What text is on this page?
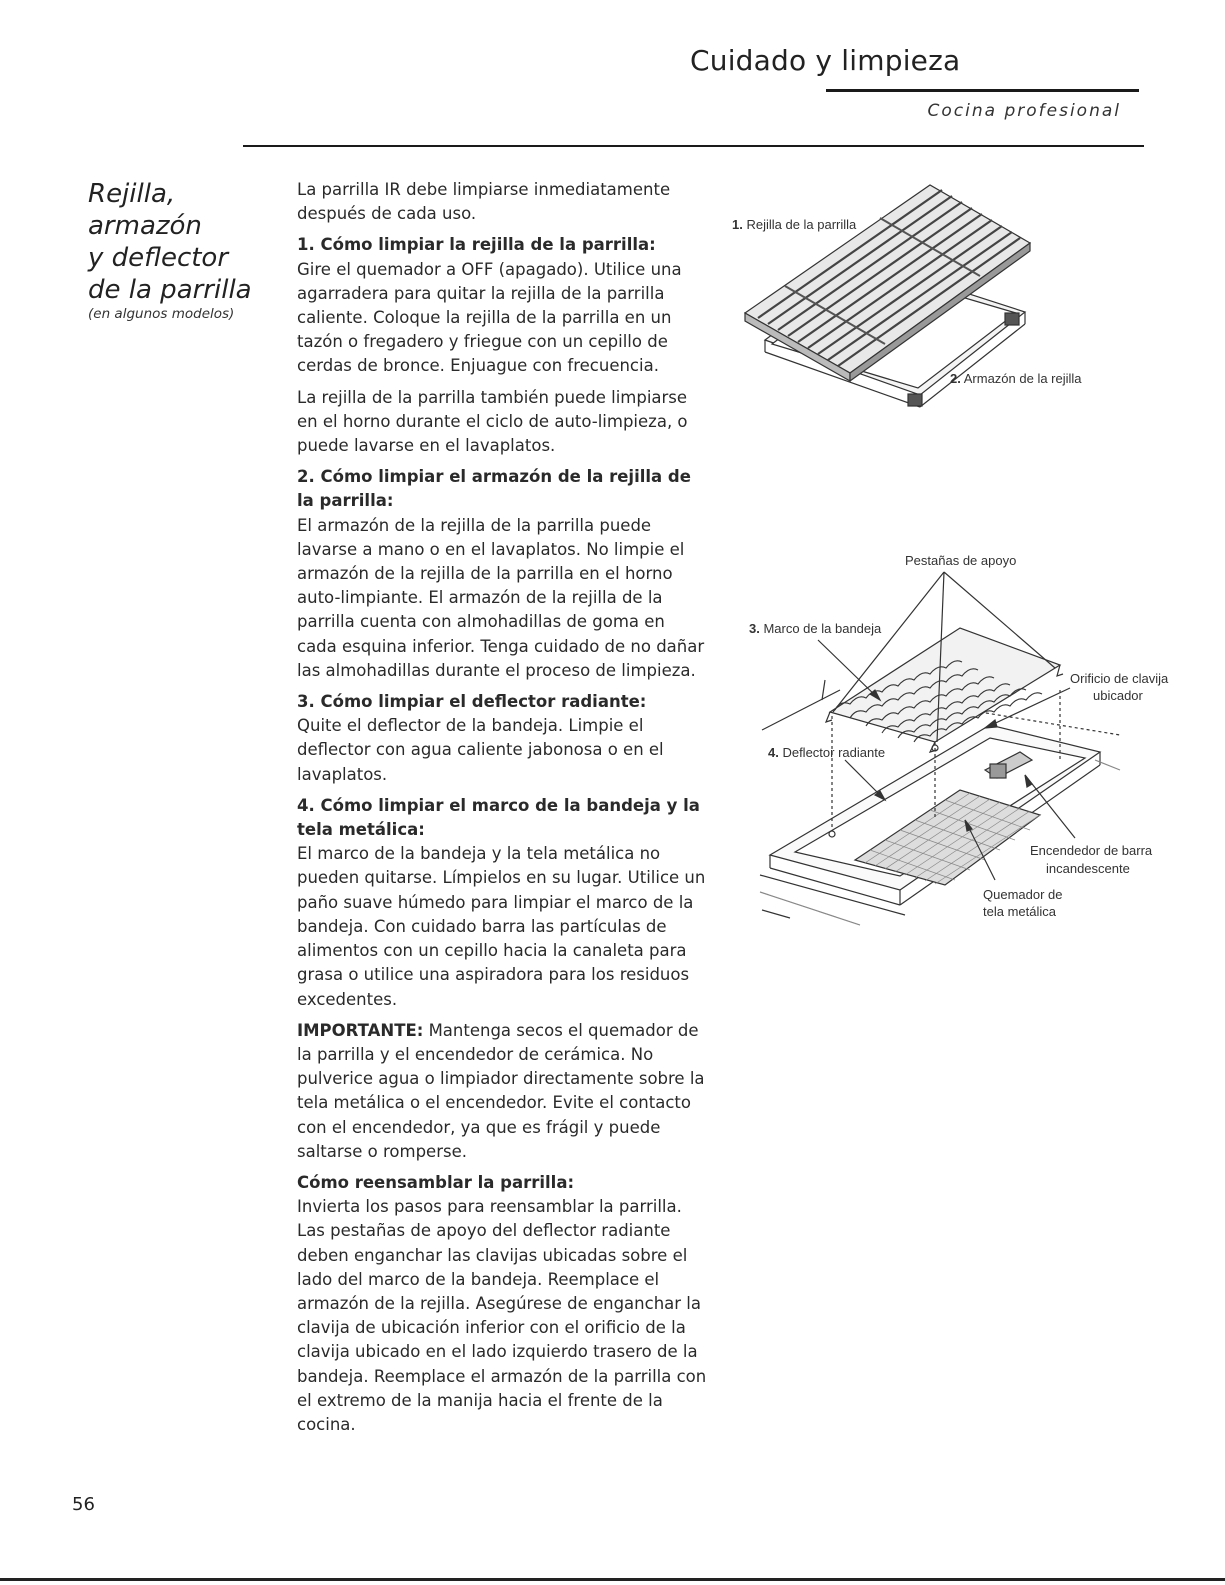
Cuidado y limpieza
Cocina profesional
Rejilla,
armazón
y deflector
de la parrilla
(en algunos modelos)

La parrilla IR debe limpiarse inmediatamente después de cada uso.

1. Cómo limpiar la rejilla de la parrilla:

Gire el quemador a OFF (apagado). Utilice una agarradera para quitar la rejilla de la parrilla caliente. Coloque la rejilla de la parrilla en un tazón o fregadero y friegue con un cepillo de cerdas de bronce. Enjuague con frecuencia.

La rejilla de la parrilla también puede limpiarse en el horno durante el ciclo de auto-limpieza, o puede lavarse en el lavaplatos.

2. Cómo limpiar el armazón de la rejilla de la parrilla:

El armazón de la rejilla de la parrilla puede lavarse a mano o en el lavaplatos. No limpie el armazón de la rejilla de la parrilla en el horno auto-limpiante. El armazón de la rejilla de la parrilla cuenta con almohadillas de goma en cada esquina inferior. Tenga cuidado de no dañar las almohadillas durante el proceso de limpieza.

3. Cómo limpiar el deflector radiante:

Quite el deflector de la bandeja. Limpie el deflector con agua caliente jabonosa o en el lavaplatos.

4. Cómo limpiar el marco de la bandeja y la tela metálica:

El marco de la bandeja y la tela metálica no pueden quitarse. Límpielos en su lugar. Utilice un paño suave húmedo para limpiar el marco de la bandeja. Con cuidado barra las partículas de alimentos con un cepillo hacia la canaleta para grasa o utilice una aspiradora para los residuos excedentes.

IMPORTANTE: Mantenga secos el quemador de la parrilla y el encendedor de cerámica. No pulverice agua o limpiador directamente sobre la tela metálica o el encendedor. Evite el contacto con el encendedor, ya que es frágil y puede saltarse o romperse.

Cómo reensamblar la parrilla:

Invierta los pasos para reensamblar la parrilla.

Las pestañas de apoyo del deflector radiante deben enganchar las clavijas ubicadas sobre el lado del marco de la bandeja. Reemplace el armazón de la rejilla. Asegúrese de enganchar la clavija de ubicación inferior con el orificio de la clavija ubicado en el lado izquierdo trasero de la bandeja. Reemplace el armazón de la parrilla con el extremo de la manija hacia el frente de la cocina.

1. Rejilla de la parrilla
2. Armazón de la rejilla
Pestañas de apoyo
3. Marco de la bandeja
Orificio de clavija
ubicador
4. Deflector radiante
Encendedor de barra
incandescente
Quemador de
tela metálica
56
